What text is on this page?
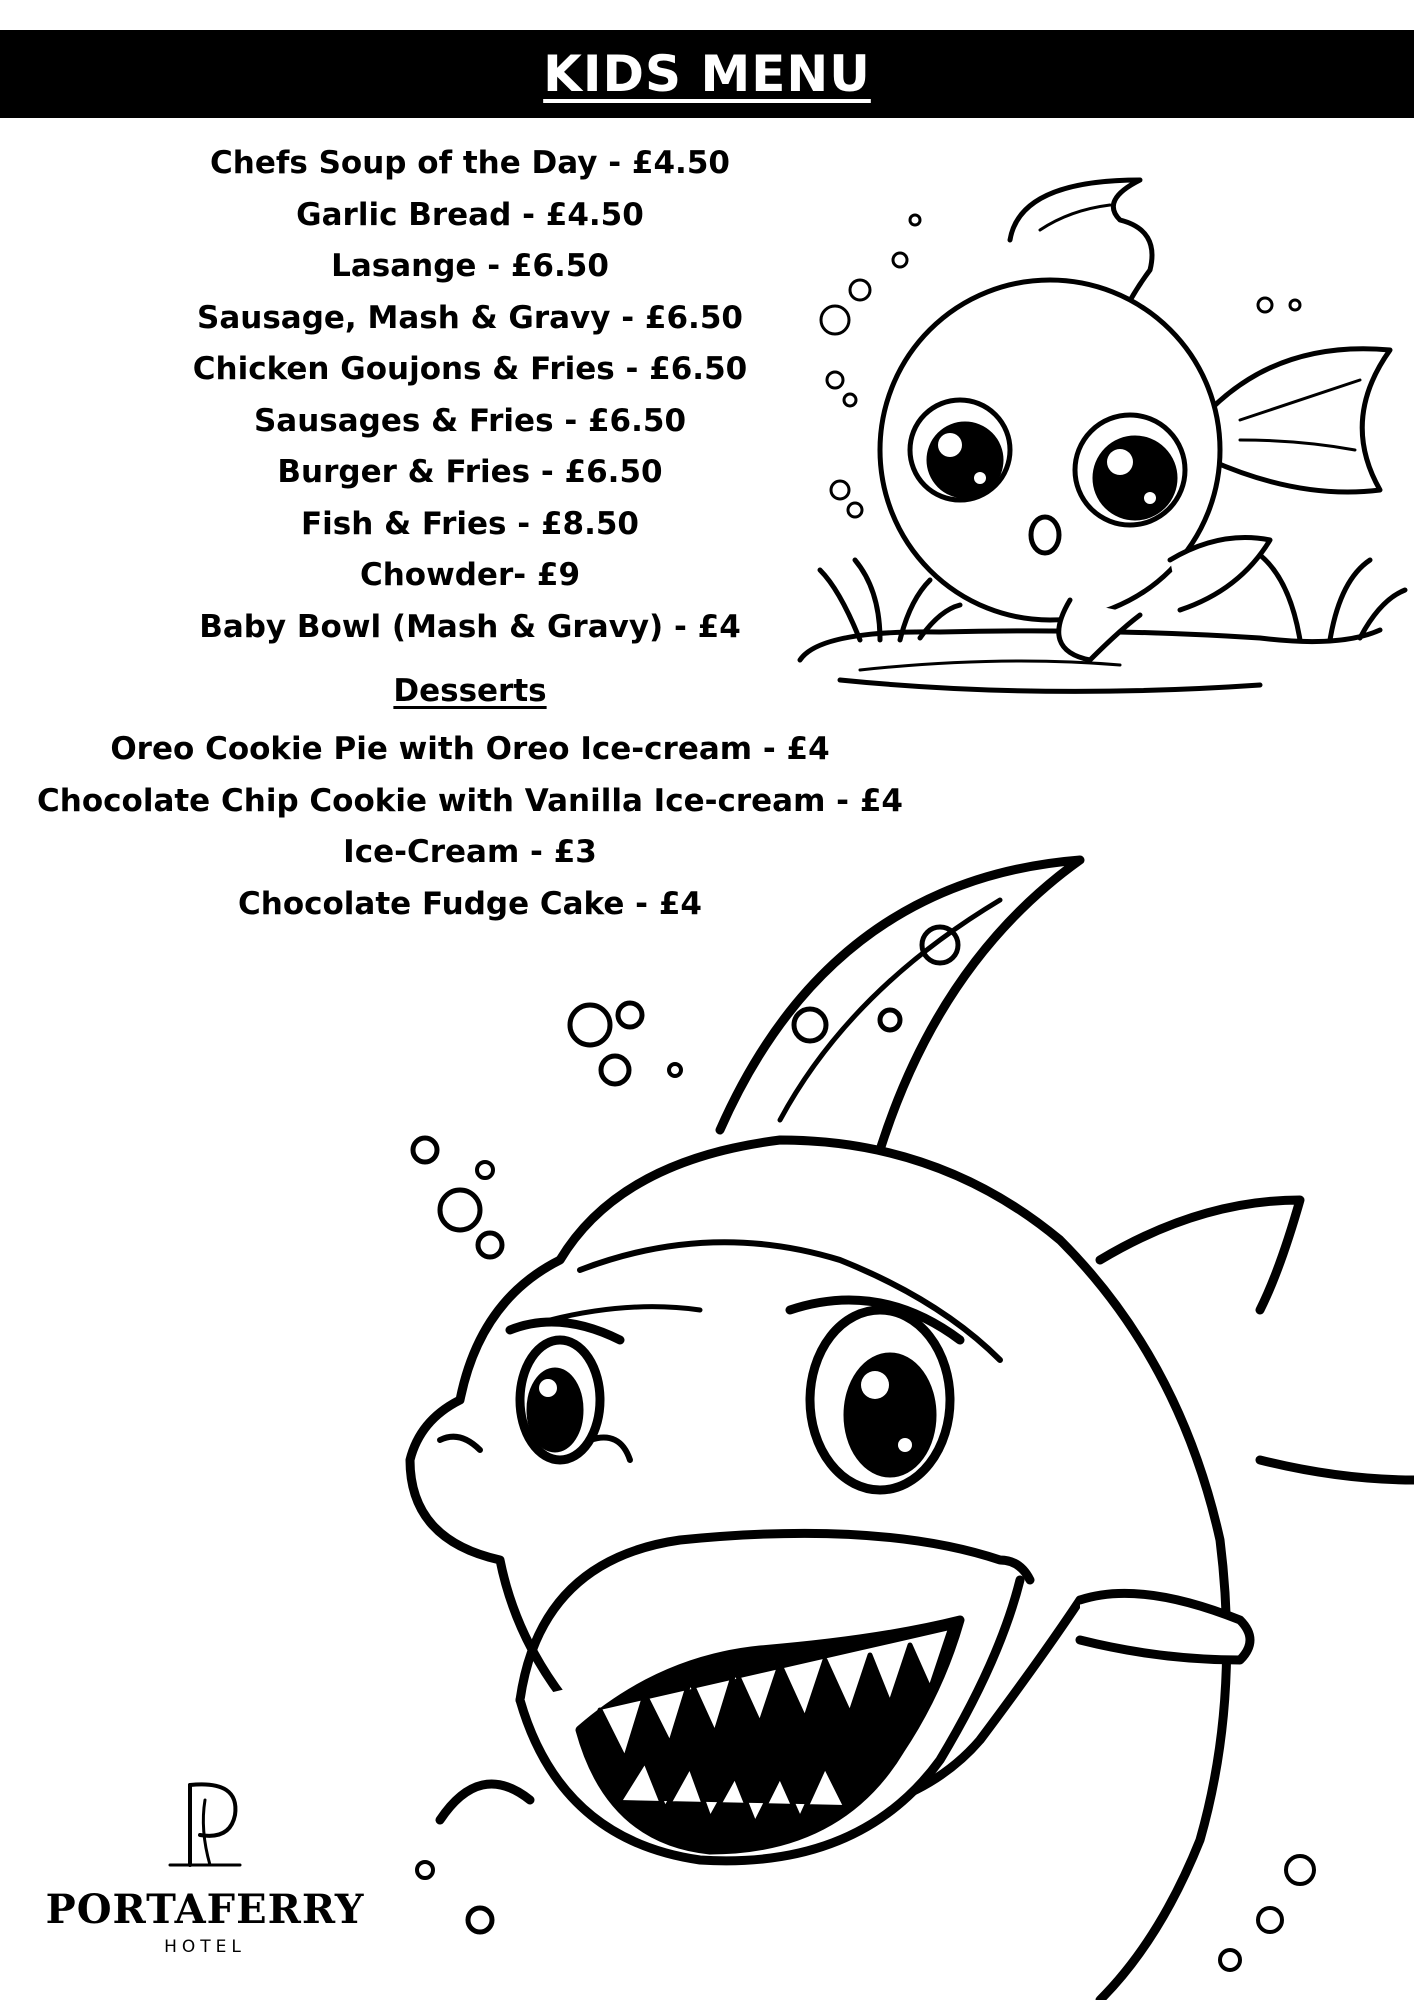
KIDS MENU
Chefs Soup of the Day - £4.50
Garlic Bread - £4.50
Lasange - £6.50
Sausage, Mash & Gravy - £6.50
Chicken Goujons & Fries - £6.50
Sausages & Fries - £6.50
Burger & Fries - £6.50
Fish & Fries - £8.50
Chowder- £9
Baby Bowl (Mash & Gravy) - £4
Desserts
Oreo Cookie Pie with Oreo Ice-cream - £4
Chocolate Chip Cookie with Vanilla Ice-cream - £4
Ice-Cream - £3
Chocolate Fudge Cake - £4
PORTAFERRY
HOTEL
